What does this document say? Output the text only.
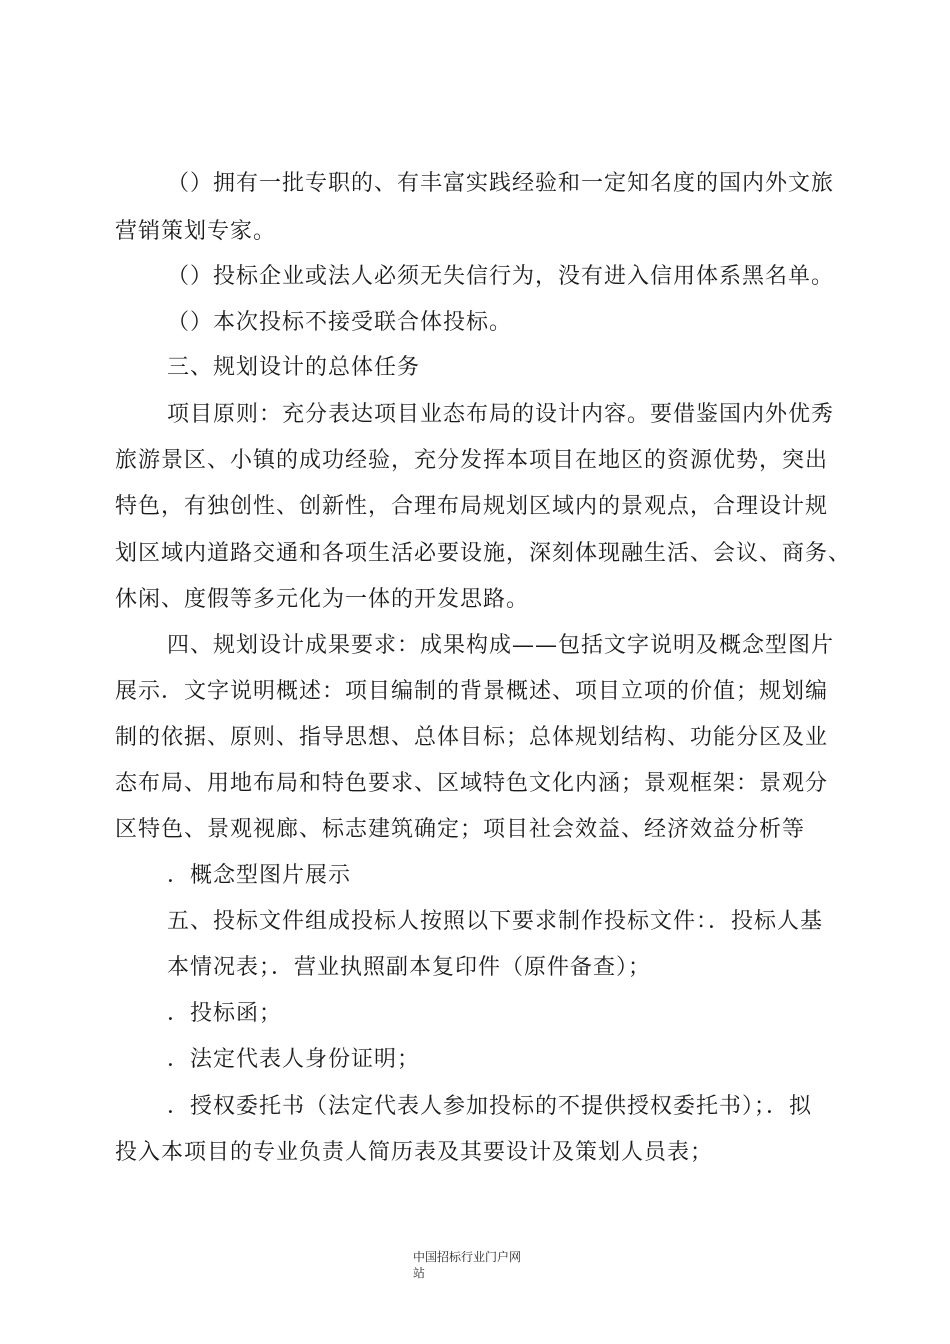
（）拥有一批专职的、有丰富实践经验和一定知名度的国内外文旅
营销策划专家。
（）投标企业或法人必须无失信行为，没有进入信用体系黑名单。
（）本次投标不接受联合体投标。
三、规划设计的总体任务
项目原则：充分表达项目业态布局的设计内容。要借鉴国内外优秀
旅游景区、小镇的成功经验，充分发挥本项目在地区的资源优势，突出
特色，有独创性、创新性，合理布局规划区域内的景观点，合理设计规
划区域内道路交通和各项生活必要设施，深刻体现融生活、会议、商务、
休闲、度假等多元化为一体的开发思路。
四、规划设计成果要求：成果构成——包括文字说明及概念型图片
展示．文字说明概述：项目编制的背景概述、项目立项的价值；规划编
制的依据、原则、指导思想、总体目标；总体规划结构、功能分区及业
态布局、用地布局和特色要求、区域特色文化内涵；景观框架：景观分
区特色、景观视廊、标志建筑确定；项目社会效益、经济效益分析等
．概念型图片展示
五、投标文件组成投标人按照以下要求制作投标文件：．投标人基
本情况表；．营业执照副本复印件（原件备查）；
．投标函；
．法定代表人身份证明；
．授权委托书（法定代表人参加投标的不提供授权委托书）；．拟
投入本项目的专业负责人简历表及其要设计及策划人员表；
中国招标行业门户网
站
